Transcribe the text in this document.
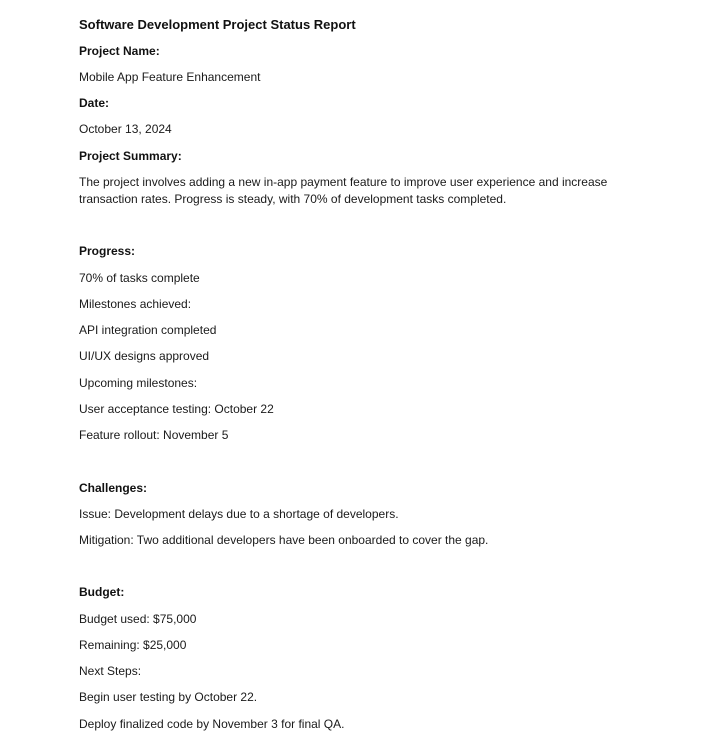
Software Development Project Status Report
Project Name:
Mobile App Feature Enhancement
Date:
October 13, 2024
Project Summary:
The project involves adding a new in-app payment feature to improve user experience and increase transaction rates. Progress is steady, with 70% of development tasks completed.
Progress:
70% of tasks complete
Milestones achieved:
API integration completed
UI/UX designs approved
Upcoming milestones:
User acceptance testing: October 22
Feature rollout: November 5
Challenges:
Issue: Development delays due to a shortage of developers.
Mitigation: Two additional developers have been onboarded to cover the gap.
Budget:
Budget used: $75,000
Remaining: $25,000
Next Steps:
Begin user testing by October 22.
Deploy finalized code by November 3 for final QA.
